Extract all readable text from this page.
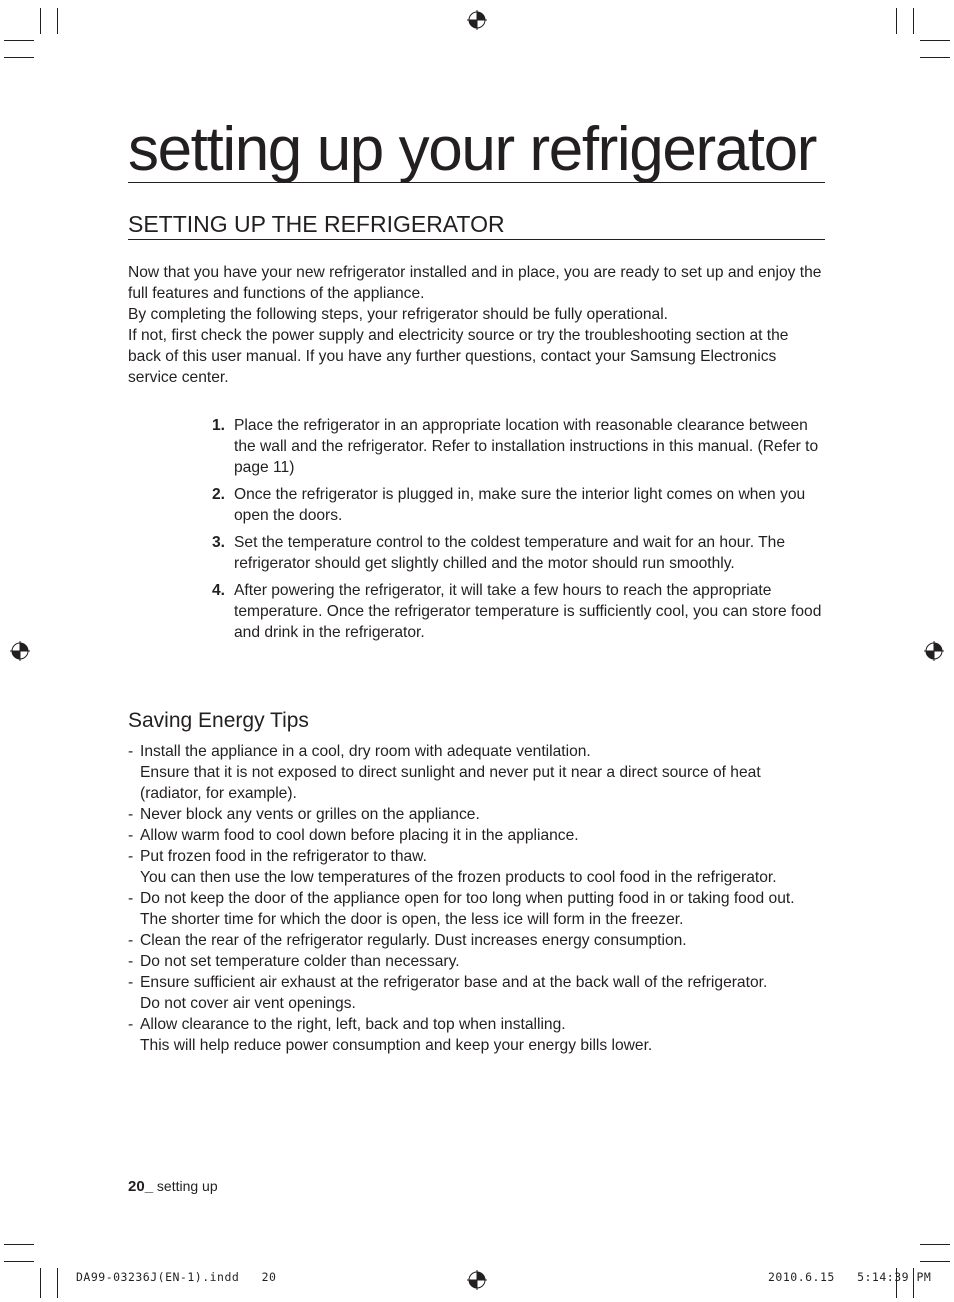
setting up your refrigerator
SETTING UP THE REFRIGERATOR

Now that you have your new refrigerator installed and in place, you are ready to set up and enjoy the full features and functions of the appliance.

By completing the following steps, your refrigerator should be fully operational.

If not, first check the power supply and electricity source or try the troubleshooting section at the back of this user manual. If you have any further questions, contact your Samsung Electronics service center.

1. Place the refrigerator in an appropriate location with reasonable clearance between the wall and the refrigerator. Refer to installation instructions in this manual. (Refer to page 11)
2. Once the refrigerator is plugged in, make sure the interior light comes on when you open the doors.
3. Set the temperature control to the coldest temperature and wait for an hour. The refrigerator should get slightly chilled and the motor should run smoothly.
4. After powering the refrigerator, it will take a few hours to reach the appropriate temperature. Once the refrigerator temperature is sufficiently cool, you can store food and drink in the refrigerator.
Saving Energy Tips
- Install the appliance in a cool, dry room with adequate ventilation.
Ensure that it is not exposed to direct sunlight and never put it near a direct source of heat (radiator, for example).
- Never block any vents or grilles on the appliance.
- Allow warm food to cool down before placing it in the appliance.
- Put frozen food in the refrigerator to thaw.
You can then use the low temperatures of the frozen products to cool food in the refrigerator.
- Do not keep the door of the appliance open for too long when putting food in or taking food out.
The shorter time for which the door is open, the less ice will form in the freezer.
- Clean the rear of the refrigerator regularly. Dust increases energy consumption.
- Do not set temperature colder than necessary.
- Ensure sufficient air exhaust at the refrigerator base and at the back wall of the refrigerator.
Do not cover air vent openings.
- Allow clearance to the right, left, back and top when installing.
This will help reduce power consumption and keep your energy bills lower.
20_ setting up
DA99-03236J(EN-1).indd   20	2010.6.15   5:14:39 PM
